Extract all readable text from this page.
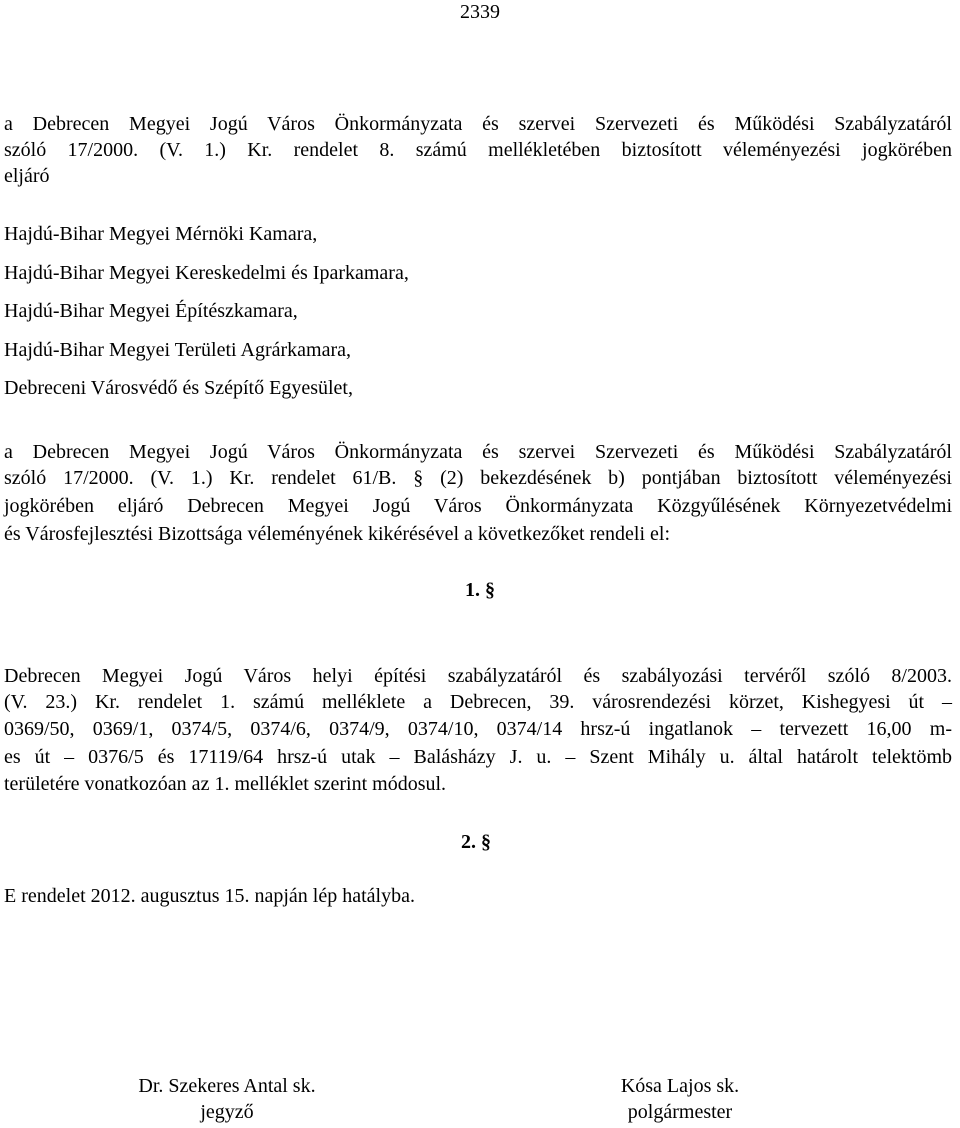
2339
a Debrecen Megyei Jogú Város Önkormányzata és szervei Szervezeti és Működési Szabályzatáról
szóló 17/2000. (V. 1.) Kr. rendelet 8. számú mellékletében biztosított véleményezési jogkörében
eljáró
Hajdú-Bihar Megyei Mérnöki Kamara,
Hajdú-Bihar Megyei Kereskedelmi és Iparkamara,
Hajdú-Bihar Megyei Építészkamara,
Hajdú-Bihar Megyei Területi Agrárkamara,
Debreceni Városvédő és Szépítő Egyesület,
a Debrecen Megyei Jogú Város Önkormányzata és szervei Szervezeti és Működési Szabályzatáról
szóló 17/2000. (V. 1.) Kr. rendelet 61/B. § (2) bekezdésének b) pontjában biztosított véleményezési
jogkörében eljáró Debrecen Megyei Jogú Város Önkormányzata Közgyűlésének Környezetvédelmi
és Városfejlesztési Bizottsága véleményének kikérésével a következőket rendeli el:
1. §
Debrecen Megyei Jogú Város helyi építési szabályzatáról és szabályozási tervéről szóló 8/2003.
(V. 23.) Kr. rendelet 1. számú melléklete a Debrecen, 39. városrendezési körzet, Kishegyesi út –
0369/50, 0369/1, 0374/5, 0374/6, 0374/9, 0374/10, 0374/14 hrsz-ú ingatlanok – tervezett 16,00 m-
es út – 0376/5 és 17119/64 hrsz-ú utak – Balásházy J. u. – Szent Mihály u. által határolt telektömb
területére vonatkozóan az 1. melléklet szerint módosul.
2. §
E rendelet 2012. augusztus 15. napján lép hatályba.
Dr. Szekeres Antal sk.
jegyző
Kósa Lajos sk.
polgármester
